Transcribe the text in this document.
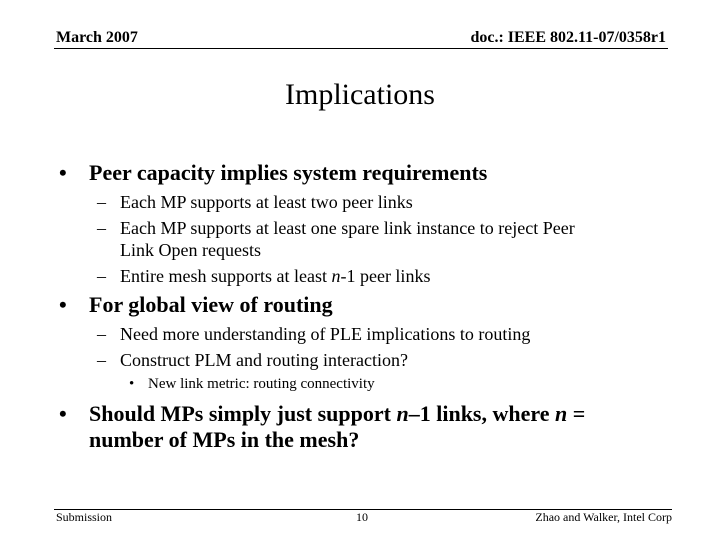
March 2007	doc.: IEEE 802.11-07/0358r1
Implications
• Peer capacity implies system requirements
– Each MP supports at least two peer links
– Each MP supports at least one spare link instance to reject Peer
Link Open requests
– Entire mesh supports at least n-1 peer links
• For global view of routing
– Need more understanding of PLE implications to routing
– Construct PLM and routing interaction?
• New link metric: routing connectivity
• Should MPs simply just support n–1 links, where n =
number of MPs in the mesh?
Submission	10	Zhao and Walker, Intel Corp
